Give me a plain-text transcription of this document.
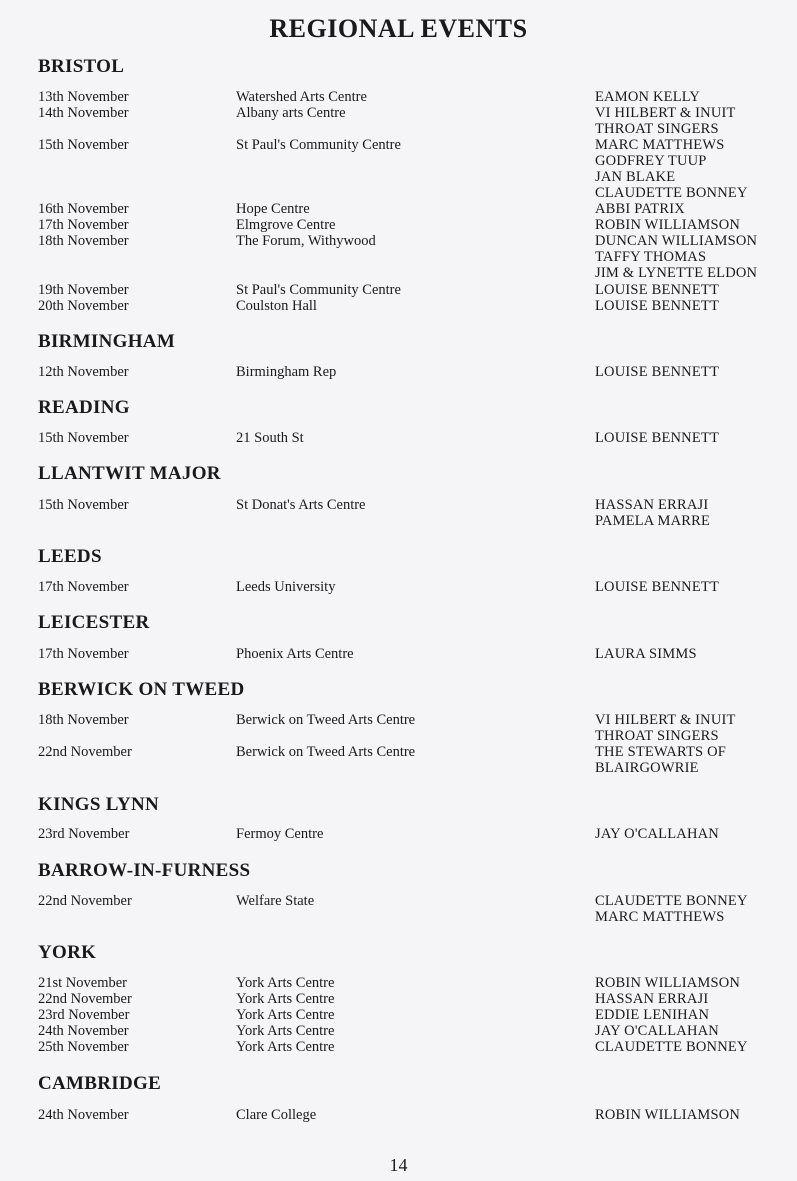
REGIONAL EVENTS
BRISTOL
13th November	Watershed Arts Centre	EAMON KELLY
14th November	Albany arts Centre	VI HILBERT & INUIT
THROAT SINGERS
15th November	St Paul's Community Centre	MARC MATTHEWS
GODFREY TUUP
JAN BLAKE
CLAUDETTE BONNEY
16th November	Hope Centre	ABBI PATRIX
17th November	Elmgrove Centre	ROBIN WILLIAMSON
18th November	The Forum, Withywood	DUNCAN WILLIAMSON
TAFFY THOMAS
JIM & LYNETTE ELDON
19th November	St Paul's Community Centre	LOUISE BENNETT
20th November	Coulston Hall	LOUISE BENNETT
BIRMINGHAM
12th November	Birmingham Rep	LOUISE BENNETT
READING
15th November	21 South St	LOUISE BENNETT
LLANTWIT MAJOR
15th November	St Donat's Arts Centre	HASSAN ERRAJI
PAMELA MARRE
LEEDS
17th November	Leeds University	LOUISE BENNETT
LEICESTER
17th November	Phoenix Arts Centre	LAURA SIMMS
BERWICK ON TWEED
18th November	Berwick on Tweed Arts Centre	VI HILBERT & INUIT
THROAT SINGERS
22nd November	Berwick on Tweed Arts Centre	THE STEWARTS OF
BLAIRGOWRIE
KINGS LYNN
23rd November	Fermoy Centre	JAY O'CALLAHAN
BARROW-IN-FURNESS
22nd November	Welfare State	CLAUDETTE BONNEY
MARC MATTHEWS
YORK
21st November	York Arts Centre	ROBIN WILLIAMSON
22nd November	York Arts Centre	HASSAN ERRAJI
23rd November	York Arts Centre	EDDIE LENIHAN
24th November	York Arts Centre	JAY O'CALLAHAN
25th November	York Arts Centre	CLAUDETTE BONNEY
CAMBRIDGE
24th November	Clare College	ROBIN WILLIAMSON
14
